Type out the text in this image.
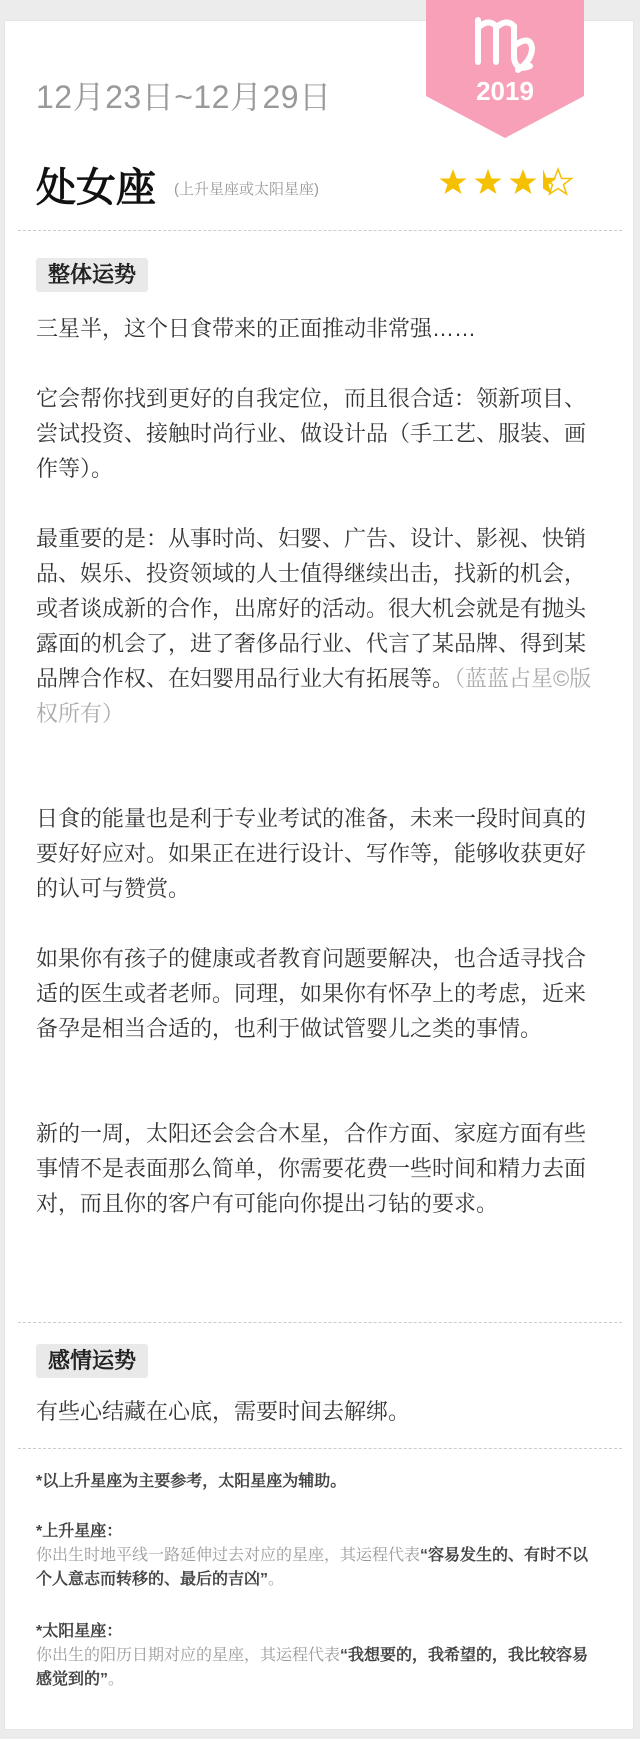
2019
12月23日~12月29日
处女座 (上升星座或太阳星座)
整体运势

三星半，这个日食带来的正面推动非常强……

它会帮你找到更好的自我定位，而且很合适：领新项目、尝试投资、接触时尚行业、做设计品（手工艺、服装、画作等）。

最重要的是：从事时尚、妇婴、广告、设计、影视、快销品、娱乐、投资领域的人士值得继续出击，找新的机会，或者谈成新的合作，出席好的活动。很大机会就是有抛头露面的机会了，进了奢侈品行业、代言了某品牌、得到某品牌合作权、在妇婴用品行业大有拓展等。（蓝蓝占星©版权所有）

日食的能量也是利于专业考试的准备，未来一段时间真的要好好应对。如果正在进行设计、写作等，能够收获更好的认可与赞赏。

如果你有孩子的健康或者教育问题要解决，也合适寻找合适的医生或者老师。同理，如果你有怀孕上的考虑，近来备孕是相当合适的，也利于做试管婴儿之类的事情。

新的一周，太阳还会会合木星，合作方面、家庭方面有些事情不是表面那么简单，你需要花费一些时间和精力去面对，而且你的客户有可能向你提出刁钻的要求。

感情运势

有些心结藏在心底，需要时间去解绑。

*以上升星座为主要参考，太阳星座为辅助。

*上升星座：
你出生时地平线一路延伸过去对应的星座，其运程代表“容易发生的、有时不以个人意志而转移的、最后的吉凶”。

*太阳星座：
你出生的阳历日期对应的星座，其运程代表“我想要的，我希望的，我比较容易感觉到的”。
